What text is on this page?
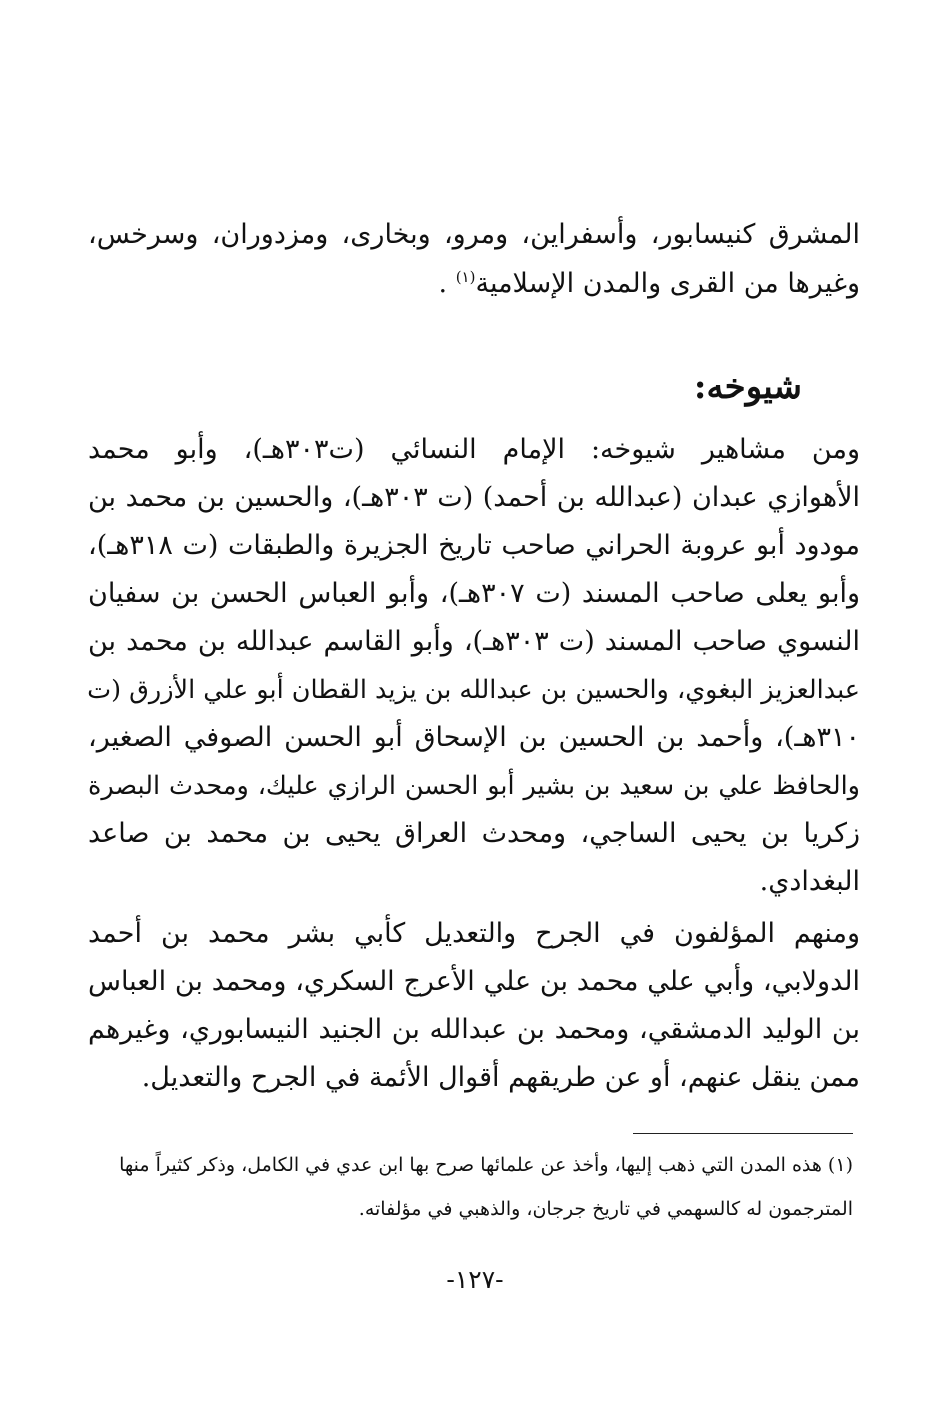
المشرق كنيسابور، وأسفراين، ومرو، وبخارى، ومزدوران، وسرخس،
وغيرها من القرى والمدن الإسلامية$^{(١)}$ .
شيوخه:
ومن مشاهير شيوخه: الإمام النسائي (ت٣٠٣هـ)، وأبو محمد
الأهوازي عبدان (عبدالله بن أحمد) (ت ٣٠٣هـ)، والحسين بن محمد بن
مودود أبو عروبة الحراني صاحب تاريخ الجزيرة والطبقات (ت ٣١٨هـ)،
وأبو يعلى صاحب المسند (ت ٣٠٧هـ)، وأبو العباس الحسن بن سفيان
النسوي صاحب المسند (ت ٣٠٣هـ)، وأبو القاسم عبدالله بن محمد بن
عبدالعزيز البغوي، والحسين بن عبدالله بن يزيد القطان أبو علي الأزرق (ت
٣١٠هـ)، وأحمد بن الحسين بن الإسحاق أبو الحسن الصوفي الصغير،
والحافظ علي بن سعيد بن بشير أبو الحسن الرازي عليك، ومحدث البصرة
زكريا بن يحيى الساجي، ومحدث العراق يحيى بن محمد بن صاعد
البغدادي.
ومنهم المؤلفون في الجرح والتعديل كأبي بشر محمد بن أحمد
الدولابي، وأبي علي محمد بن علي الأعرج السكري، ومحمد بن العباس
بن الوليد الدمشقي، ومحمد بن عبدالله بن الجنيد النيسابوري، وغيرهم
ممن ينقل عنهم، أو عن طريقهم أقوال الأئمة في الجرح والتعديل.
(١) هذه المدن التي ذهب إليها، وأخذ عن علمائها صرح بها ابن عدي في الكامل، وذكر كثيراً منها
المترجمون له كالسهمي في تاريخ جرجان، والذهبي في مؤلفاته.
-١٢٧-
